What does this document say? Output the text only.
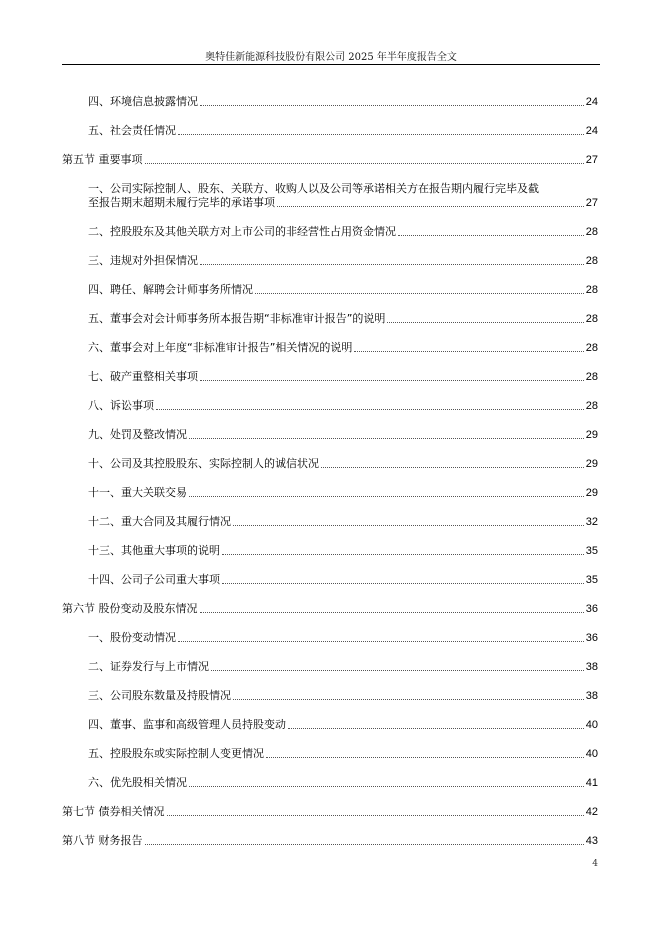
奥特佳新能源科技股份有限公司 2025 年半年度报告全文
四、环境信息披露情况	24
五、社会责任情况	24
第五节 重要事项	27
一、公司实际控制人、股东、关联方、收购人以及公司等承诺相关方在报告期内履行完毕及截
至报告期末超期未履行完毕的承诺事项	27
二、控股股东及其他关联方对上市公司的非经营性占用资金情况	28
三、违规对外担保情况	28
四、聘任、解聘会计师事务所情况	28
五、董事会对会计师事务所本报告期“非标准审计报告”的说明	28
六、董事会对上年度“非标准审计报告”相关情况的说明	28
七、破产重整相关事项	28
八、诉讼事项	28
九、处罚及整改情况	29
十、公司及其控股股东、实际控制人的诚信状况	29
十一、重大关联交易	29
十二、重大合同及其履行情况	32
十三、其他重大事项的说明	35
十四、公司子公司重大事项	35
第六节 股份变动及股东情况	36
一、股份变动情况	36
二、证券发行与上市情况	38
三、公司股东数量及持股情况	38
四、董事、监事和高级管理人员持股变动	40
五、控股股东或实际控制人变更情况	40
六、优先股相关情况	41
第七节 债券相关情况	42
第八节 财务报告	43
4
